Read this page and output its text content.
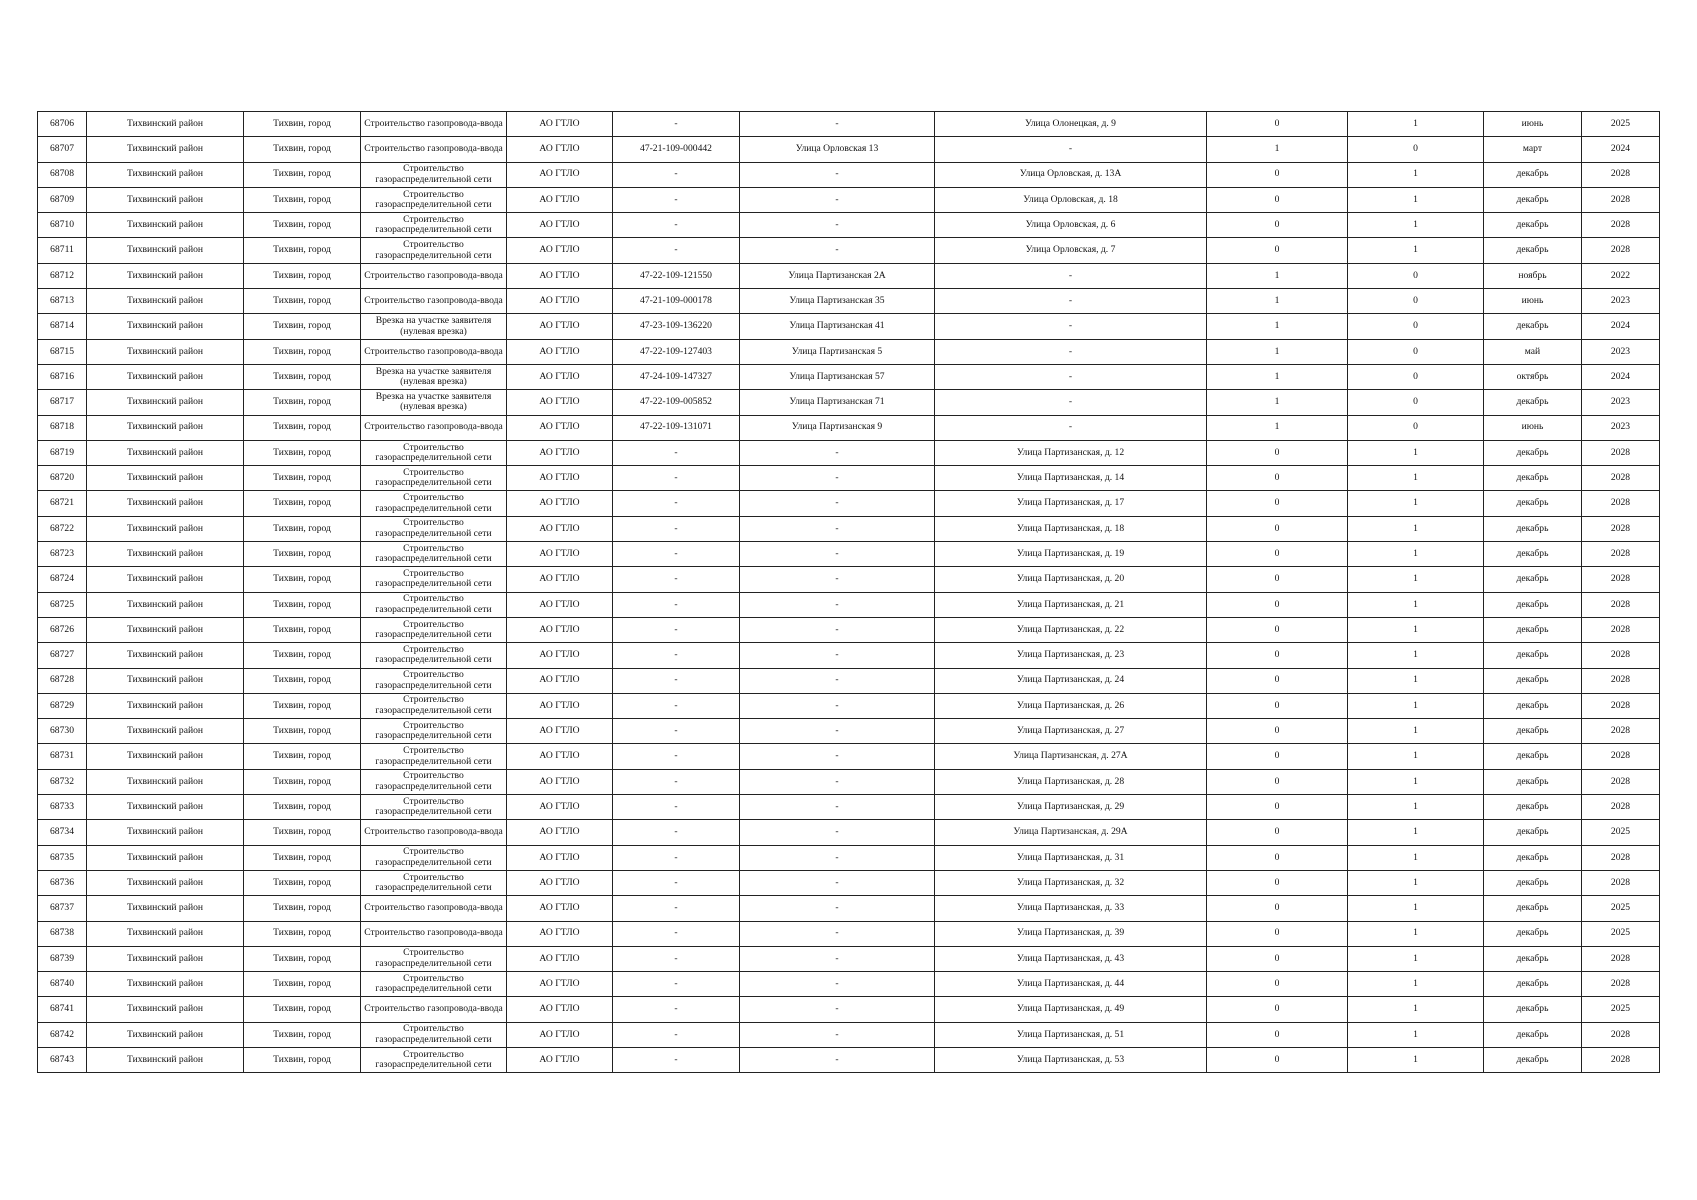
68706	Тихвинский район	Тихвин, город	Строительство газопровода-ввода	АО ГТЛО	-	-	Улица Олонецкая, д. 9	0	1	июнь	2025
68707	Тихвинский район	Тихвин, город	Строительство газопровода-ввода	АО ГТЛО	47-21-109-000442	Улица Орловская 13	-	1	0	март	2024
68708	Тихвинский район	Тихвин, город	Строительство газораспределительной сети	АО ГТЛО	-	-	Улица Орловская, д. 13А	0	1	декабрь	2028
68709	Тихвинский район	Тихвин, город	Строительство газораспределительной сети	АО ГТЛО	-	-	Улица Орловская, д. 18	0	1	декабрь	2028
68710	Тихвинский район	Тихвин, город	Строительство газораспределительной сети	АО ГТЛО	-	-	Улица Орловская, д. 6	0	1	декабрь	2028
68711	Тихвинский район	Тихвин, город	Строительство газораспределительной сети	АО ГТЛО	-	-	Улица Орловская, д. 7	0	1	декабрь	2028
68712	Тихвинский район	Тихвин, город	Строительство газопровода-ввода	АО ГТЛО	47-22-109-121550	Улица Партизанская 2А	-	1	0	ноябрь	2022
68713	Тихвинский район	Тихвин, город	Строительство газопровода-ввода	АО ГТЛО	47-21-109-000178	Улица Партизанская 35	-	1	0	июнь	2023
68714	Тихвинский район	Тихвин, город	Врезка на участке заявителя (нулевая врезка)	АО ГТЛО	47-23-109-136220	Улица Партизанская 41	-	1	0	декабрь	2024
68715	Тихвинский район	Тихвин, город	Строительство газопровода-ввода	АО ГТЛО	47-22-109-127403	Улица Партизанская 5	-	1	0	май	2023
68716	Тихвинский район	Тихвин, город	Врезка на участке заявителя (нулевая врезка)	АО ГТЛО	47-24-109-147327	Улица Партизанская 57	-	1	0	октябрь	2024
68717	Тихвинский район	Тихвин, город	Врезка на участке заявителя (нулевая врезка)	АО ГТЛО	47-22-109-005852	Улица Партизанская 71	-	1	0	декабрь	2023
68718	Тихвинский район	Тихвин, город	Строительство газопровода-ввода	АО ГТЛО	47-22-109-131071	Улица Партизанская 9	-	1	0	июнь	2023
68719	Тихвинский район	Тихвин, город	Строительство газораспределительной сети	АО ГТЛО	-	-	Улица Партизанская, д. 12	0	1	декабрь	2028
68720	Тихвинский район	Тихвин, город	Строительство газораспределительной сети	АО ГТЛО	-	-	Улица Партизанская, д. 14	0	1	декабрь	2028
68721	Тихвинский район	Тихвин, город	Строительство газораспределительной сети	АО ГТЛО	-	-	Улица Партизанская, д. 17	0	1	декабрь	2028
68722	Тихвинский район	Тихвин, город	Строительство газораспределительной сети	АО ГТЛО	-	-	Улица Партизанская, д. 18	0	1	декабрь	2028
68723	Тихвинский район	Тихвин, город	Строительство газораспределительной сети	АО ГТЛО	-	-	Улица Партизанская, д. 19	0	1	декабрь	2028
68724	Тихвинский район	Тихвин, город	Строительство газораспределительной сети	АО ГТЛО	-	-	Улица Партизанская, д. 20	0	1	декабрь	2028
68725	Тихвинский район	Тихвин, город	Строительство газораспределительной сети	АО ГТЛО	-	-	Улица Партизанская, д. 21	0	1	декабрь	2028
68726	Тихвинский район	Тихвин, город	Строительство газораспределительной сети	АО ГТЛО	-	-	Улица Партизанская, д. 22	0	1	декабрь	2028
68727	Тихвинский район	Тихвин, город	Строительство газораспределительной сети	АО ГТЛО	-	-	Улица Партизанская, д. 23	0	1	декабрь	2028
68728	Тихвинский район	Тихвин, город	Строительство газораспределительной сети	АО ГТЛО	-	-	Улица Партизанская, д. 24	0	1	декабрь	2028
68729	Тихвинский район	Тихвин, город	Строительство газораспределительной сети	АО ГТЛО	-	-	Улица Партизанская, д. 26	0	1	декабрь	2028
68730	Тихвинский район	Тихвин, город	Строительство газораспределительной сети	АО ГТЛО	-	-	Улица Партизанская, д. 27	0	1	декабрь	2028
68731	Тихвинский район	Тихвин, город	Строительство газораспределительной сети	АО ГТЛО	-	-	Улица Партизанская, д. 27А	0	1	декабрь	2028
68732	Тихвинский район	Тихвин, город	Строительство газораспределительной сети	АО ГТЛО	-	-	Улица Партизанская, д. 28	0	1	декабрь	2028
68733	Тихвинский район	Тихвин, город	Строительство газораспределительной сети	АО ГТЛО	-	-	Улица Партизанская, д. 29	0	1	декабрь	2028
68734	Тихвинский район	Тихвин, город	Строительство газопровода-ввода	АО ГТЛО	-	-	Улица Партизанская, д. 29А	0	1	декабрь	2025
68735	Тихвинский район	Тихвин, город	Строительство газораспределительной сети	АО ГТЛО	-	-	Улица Партизанская, д. 31	0	1	декабрь	2028
68736	Тихвинский район	Тихвин, город	Строительство газораспределительной сети	АО ГТЛО	-	-	Улица Партизанская, д. 32	0	1	декабрь	2028
68737	Тихвинский район	Тихвин, город	Строительство газопровода-ввода	АО ГТЛО	-	-	Улица Партизанская, д. 33	0	1	декабрь	2025
68738	Тихвинский район	Тихвин, город	Строительство газопровода-ввода	АО ГТЛО	-	-	Улица Партизанская, д. 39	0	1	декабрь	2025
68739	Тихвинский район	Тихвин, город	Строительство газораспределительной сети	АО ГТЛО	-	-	Улица Партизанская, д. 43	0	1	декабрь	2028
68740	Тихвинский район	Тихвин, город	Строительство газораспределительной сети	АО ГТЛО	-	-	Улица Партизанская, д. 44	0	1	декабрь	2028
68741	Тихвинский район	Тихвин, город	Строительство газопровода-ввода	АО ГТЛО	-	-	Улица Партизанская, д. 49	0	1	декабрь	2025
68742	Тихвинский район	Тихвин, город	Строительство газораспределительной сети	АО ГТЛО	-	-	Улица Партизанская, д. 51	0	1	декабрь	2028
68743	Тихвинский район	Тихвин, город	Строительство газораспределительной сети	АО ГТЛО	-	-	Улица Партизанская, д. 53	0	1	декабрь	2028
